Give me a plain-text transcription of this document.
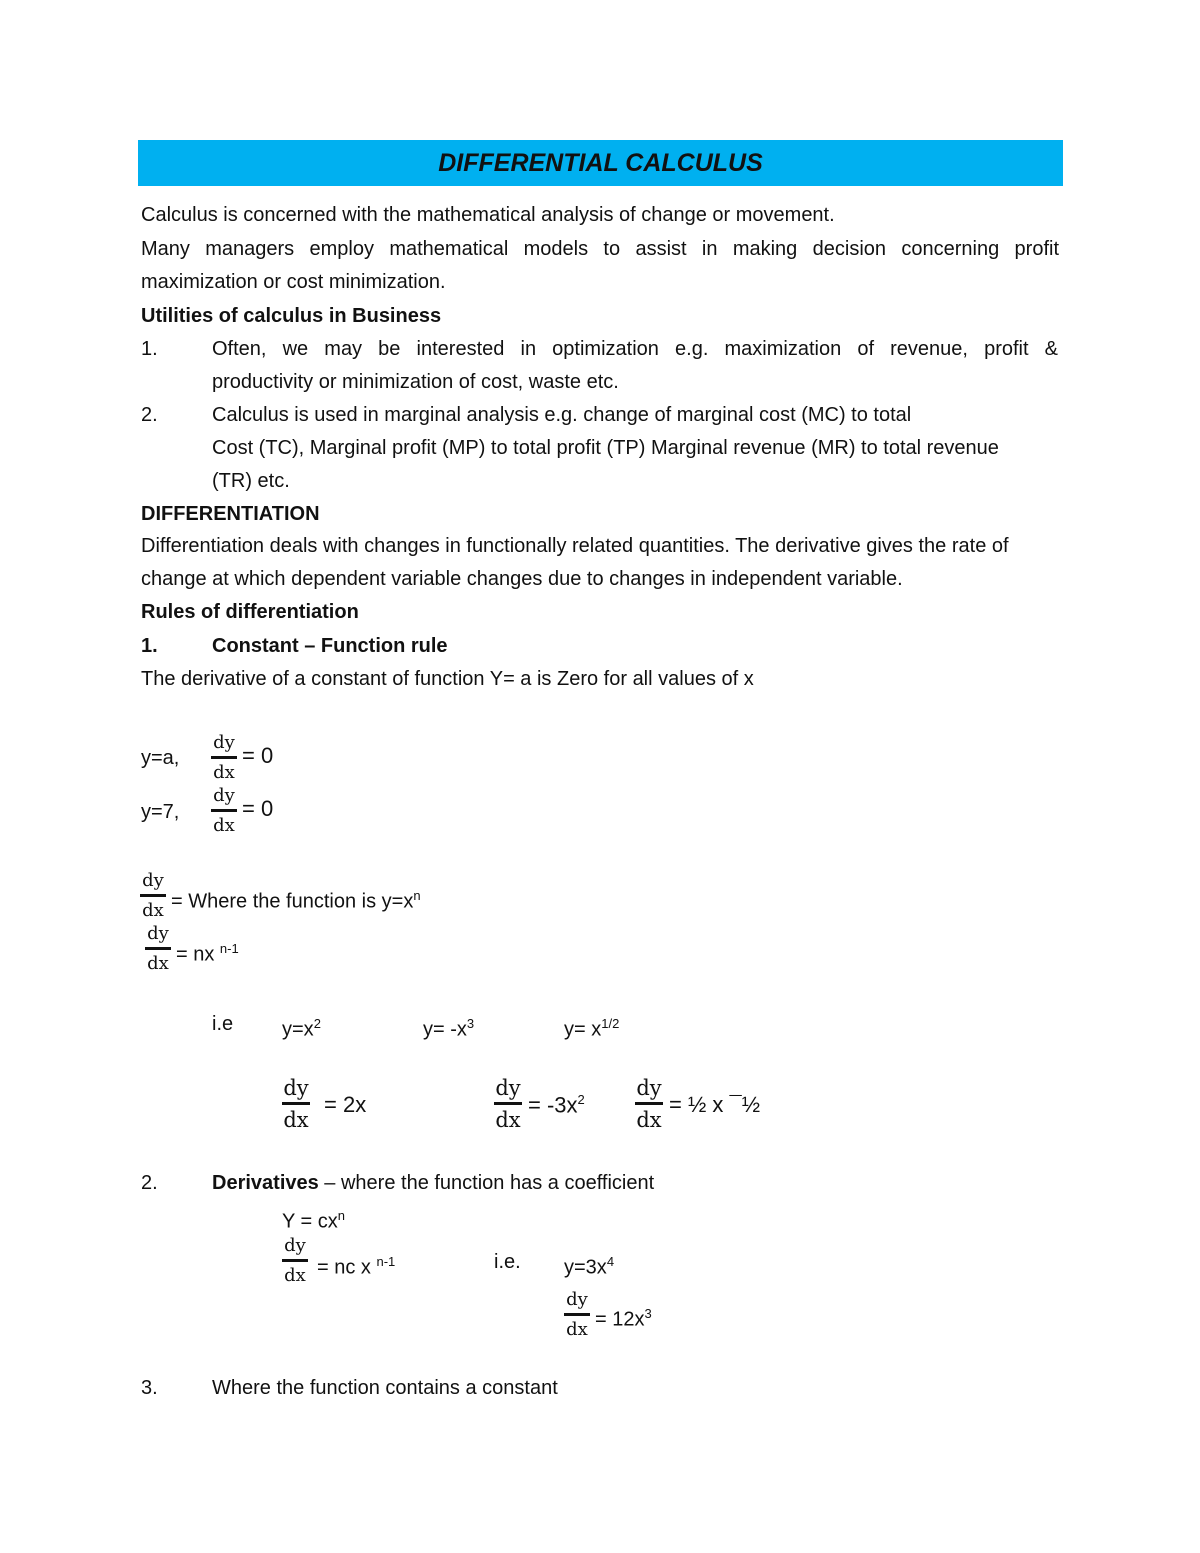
DIFFERENTIAL CALCULUS
Calculus is concerned with the mathematical analysis of change or movement.
Many managers employ mathematical models to assist in making decision concerning profit maximization or cost minimization.
Utilities of calculus in Business
1.	Often, we may be interested in optimization e.g. maximization of revenue, profit &
productivity or minimization of cost, waste etc.
2.	Calculus is used in marginal analysis e.g. change of marginal cost (MC) to total
Cost (TC), Marginal profit (MP) to total profit (TP) Marginal revenue (MR) to total revenue
(TR) etc.
DIFFERENTIATION
Differentiation deals with changes in functionally related quantities. The derivative gives the rate of change at which dependent variable changes due to changes in independent variable.
Rules of differentiation
1.	Constant – Function rule
The derivative of a constant of function Y= a is Zero for all values of x
y=a,
dy
dx
= 0
y=7,
dy
dx
= 0
dy
dx = Where the function is $y=x^n$
dy
dx = nx $^{n-1}$
i.e $y=x^2$	$y= -x^3$	$y= x^{1/2}$
dy
dx
= 2x
dy
dx
= $-3x^2$ dy
dx
= ½ x ¯½
2.	Derivatives – where the function has a coefficient
$Y = cx^n$
dy
dx = nc x $^{n-1}$	i.e. $y=3x^4$
dy
dx = $12x^3$
3.	Where the function contains a constant
